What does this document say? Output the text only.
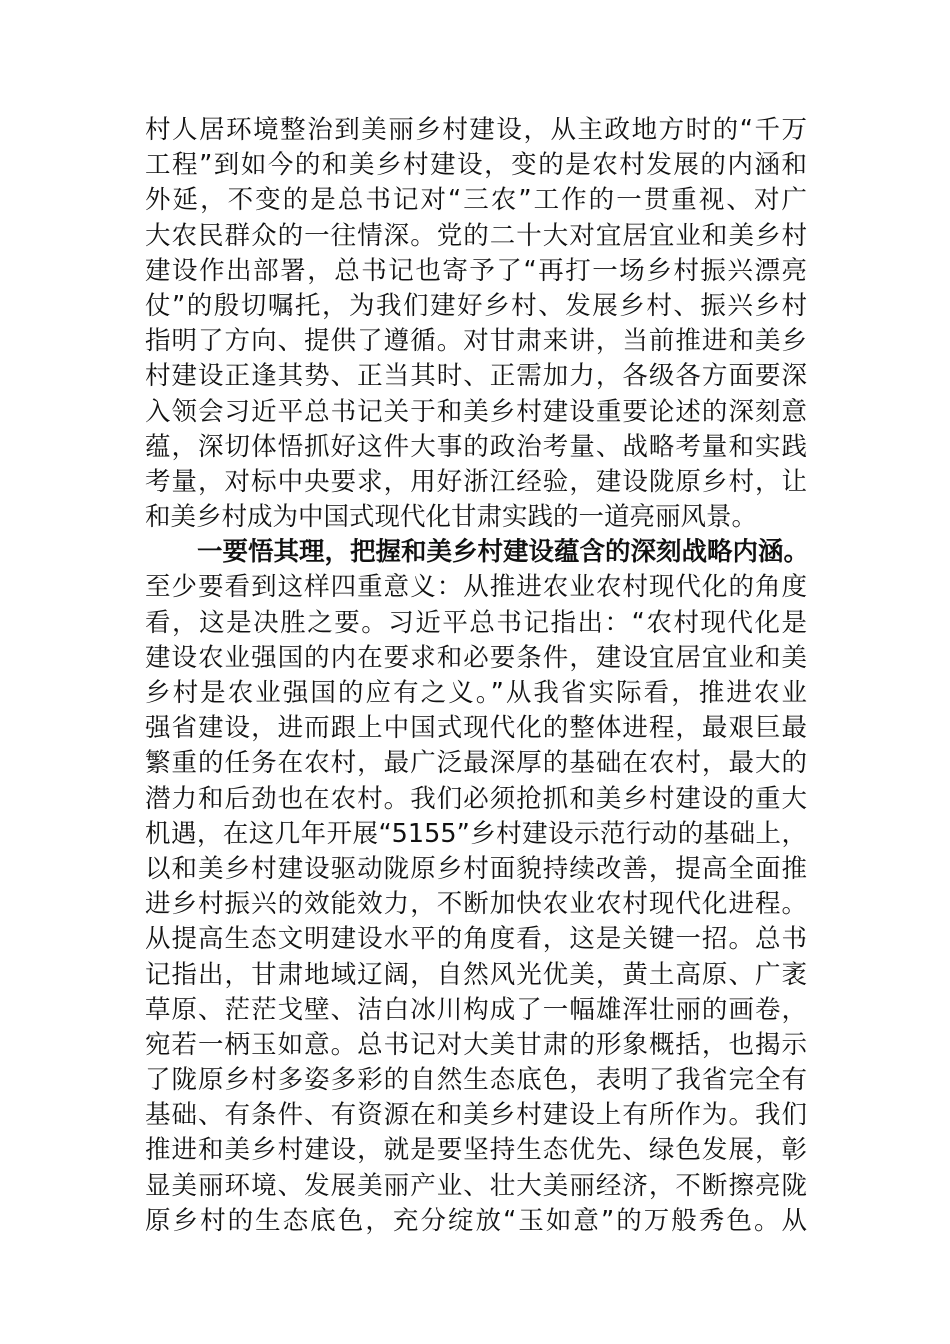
村人居环境整治到美丽乡村建设，从主政地方时的“千万
工程”到如今的和美乡村建设，变的是农村发展的内涵和
外延，不变的是总书记对“三农”工作的一贯重视、对广
大农民群众的一往情深。党的二十大对宜居宜业和美乡村
建设作出部署，总书记也寄予了“再打一场乡村振兴漂亮
仗”的殷切嘱托，为我们建好乡村、发展乡村、振兴乡村
指明了方向、提供了遵循。对甘肃来讲，当前推进和美乡
村建设正逢其势、正当其时、正需加力，各级各方面要深
入领会习近平总书记关于和美乡村建设重要论述的深刻意
蕴，深切体悟抓好这件大事的政治考量、战略考量和实践
考量，对标中央要求，用好浙江经验，建设陇原乡村，让
和美乡村成为中国式现代化甘肃实践的一道亮丽风景。
一要悟其理，把握和美乡村建设蕴含的深刻战略内涵。
至少要看到这样四重意义：从推进农业农村现代化的角度
看，这是决胜之要。习近平总书记指出：“农村现代化是
建设农业强国的内在要求和必要条件，建设宜居宜业和美
乡村是农业强国的应有之义。”从我省实际看，推进农业
强省建设，进而跟上中国式现代化的整体进程，最艰巨最
繁重的任务在农村，最广泛最深厚的基础在农村，最大的
潜力和后劲也在农村。我们必须抢抓和美乡村建设的重大
机遇，在这几年开展“5155”乡村建设示范行动的基础上，
以和美乡村建设驱动陇原乡村面貌持续改善，提高全面推
进乡村振兴的效能效力，不断加快农业农村现代化进程。
从提高生态文明建设水平的角度看，这是关键一招。总书
记指出，甘肃地域辽阔，自然风光优美，黄土高原、广袤
草原、茫茫戈壁、洁白冰川构成了一幅雄浑壮丽的画卷，
宛若一柄玉如意。总书记对大美甘肃的形象概括，也揭示
了陇原乡村多姿多彩的自然生态底色，表明了我省完全有
基础、有条件、有资源在和美乡村建设上有所作为。我们
推进和美乡村建设，就是要坚持生态优先、绿色发展，彰
显美丽环境、发展美丽产业、壮大美丽经济，不断擦亮陇
原乡村的生态底色，充分绽放“玉如意”的万般秀色。从
